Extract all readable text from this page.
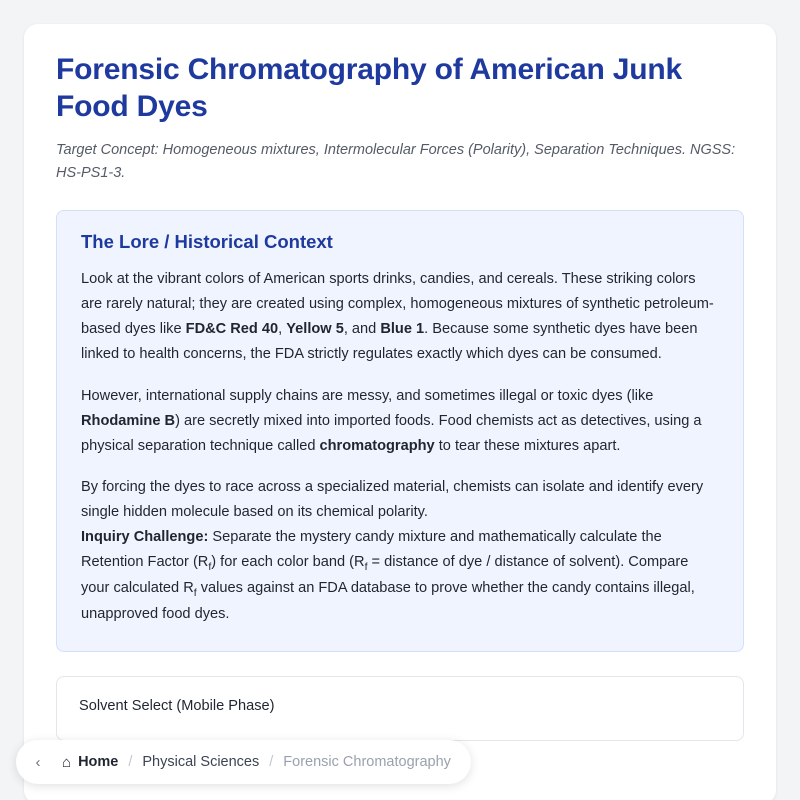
Forensic Chromatography of American Junk Food Dyes

Target Concept: Homogeneous mixtures, Intermolecular Forces (Polarity), Separation Techniques. NGSS: HS-PS1-3.

The Lore / Historical Context

Look at the vibrant colors of American sports drinks, candies, and cereals. These striking colors are rarely natural; they are created using complex, homogeneous mixtures of synthetic petroleum-based dyes like FD&C Red 40, Yellow 5, and Blue 1. Because some synthetic dyes have been linked to health concerns, the FDA strictly regulates exactly which dyes can be consumed.

However, international supply chains are messy, and sometimes illegal or toxic dyes (like Rhodamine B) are secretly mixed into imported foods. Food chemists act as detectives, using a physical separation technique called chromatography to tear these mixtures apart.

By forcing the dyes to race across a specialized material, chemists can isolate and identify every single hidden molecule based on its chemical polarity.
Inquiry Challenge: Separate the mystery candy mixture and mathematically calculate the Retention Factor $(R_f)$ for each color band ($R_f$ = distance of dye / distance of solvent). Compare your calculated $R_f$ values against an FDA database to prove whether the candy contains illegal, unapproved food dyes.

Solvent Select (Mobile Phase)
‹	⌂ Home / Physical Sciences / Forensic Chromatography
